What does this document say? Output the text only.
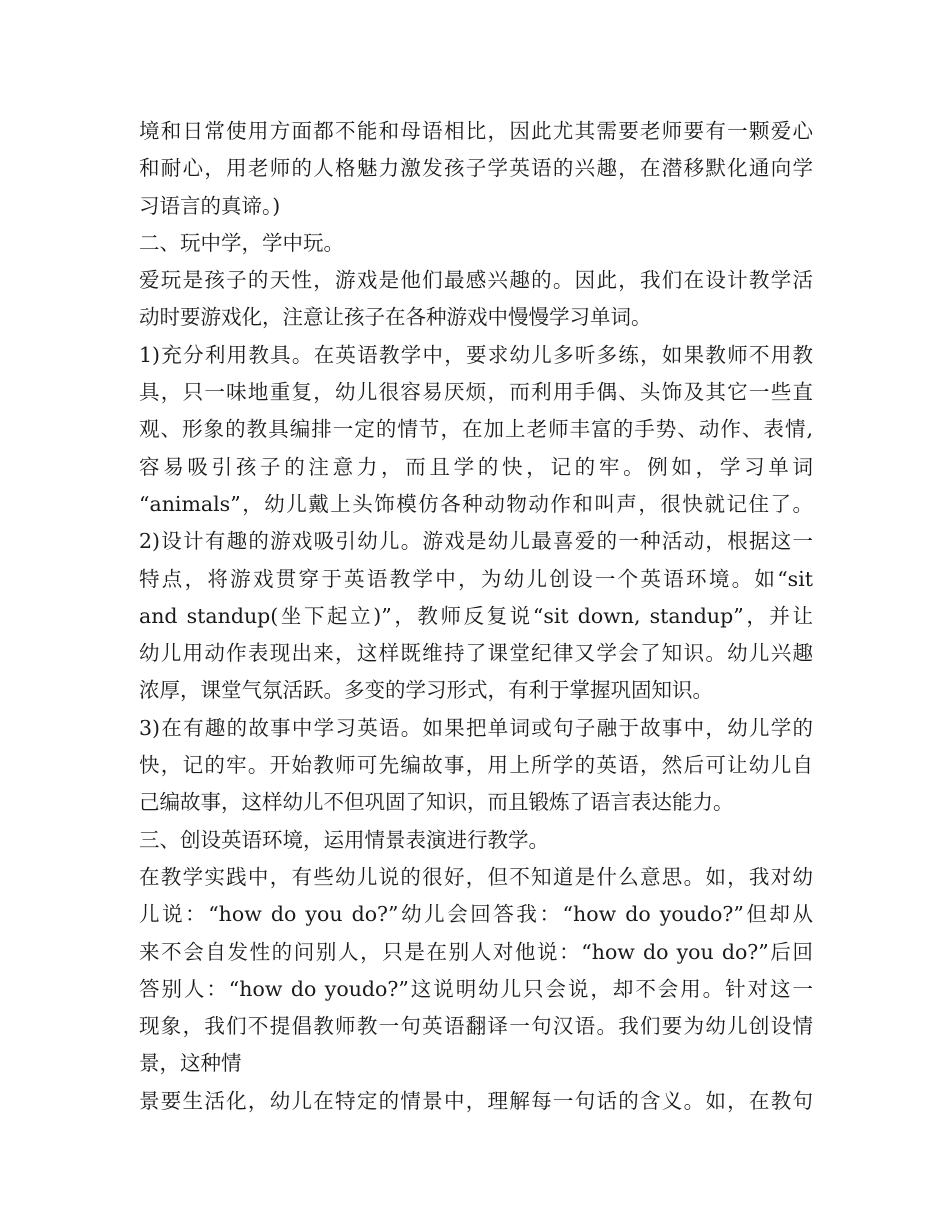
境和日常使用方面都不能和母语相比，因此尤其需要老师要有一颗爱心
和耐心，用老师的人格魅力激发孩子学英语的兴趣，在潜移默化通向学
习语言的真谛。)
二、玩中学，学中玩。
爱玩是孩子的天性，游戏是他们最感兴趣的。因此，我们在设计教学活
动时要游戏化，注意让孩子在各种游戏中慢慢学习单词。
1)充分利用教具。在英语教学中，要求幼儿多听多练，如果教师不用教
具，只一味地重复，幼儿很容易厌烦，而利用手偶、头饰及其它一些直
观、形象的教具编排一定的情节，在加上老师丰富的手势、动作、表情,
容易吸引孩子的注意力，而且学的快，记的牢。例如，学习单词
“animals”，幼儿戴上头饰模仿各种动物动作和叫声，很快就记住了。
2)设计有趣的游戏吸引幼儿。游戏是幼儿最喜爱的一种活动，根据这一
特点，将游戏贯穿于英语教学中，为幼儿创设一个英语环境。如“sit
and standup(坐下起立)”，教师反复说“sit down, standup”，并让
幼儿用动作表现出来，这样既维持了课堂纪律又学会了知识。幼儿兴趣
浓厚，课堂气氛活跃。多变的学习形式，有利于掌握巩固知识。
3)在有趣的故事中学习英语。如果把单词或句子融于故事中，幼儿学的
快，记的牢。开始教师可先编故事，用上所学的英语，然后可让幼儿自
己编故事，这样幼儿不但巩固了知识，而且锻炼了语言表达能力。
三、创设英语环境，运用情景表演进行教学。
在教学实践中，有些幼儿说的很好，但不知道是什么意思。如，我对幼
儿说：“how do you do?”幼儿会回答我：“how do youdo?”但却从
来不会自发性的问别人，只是在别人对他说：“how do you do?”后回
答别人：“how do youdo?”这说明幼儿只会说，却不会用。针对这一
现象，我们不提倡教师教一句英语翻译一句汉语。我们要为幼儿创设情
景，这种情
景要生活化，幼儿在特定的情景中，理解每一句话的含义。如，在教句
